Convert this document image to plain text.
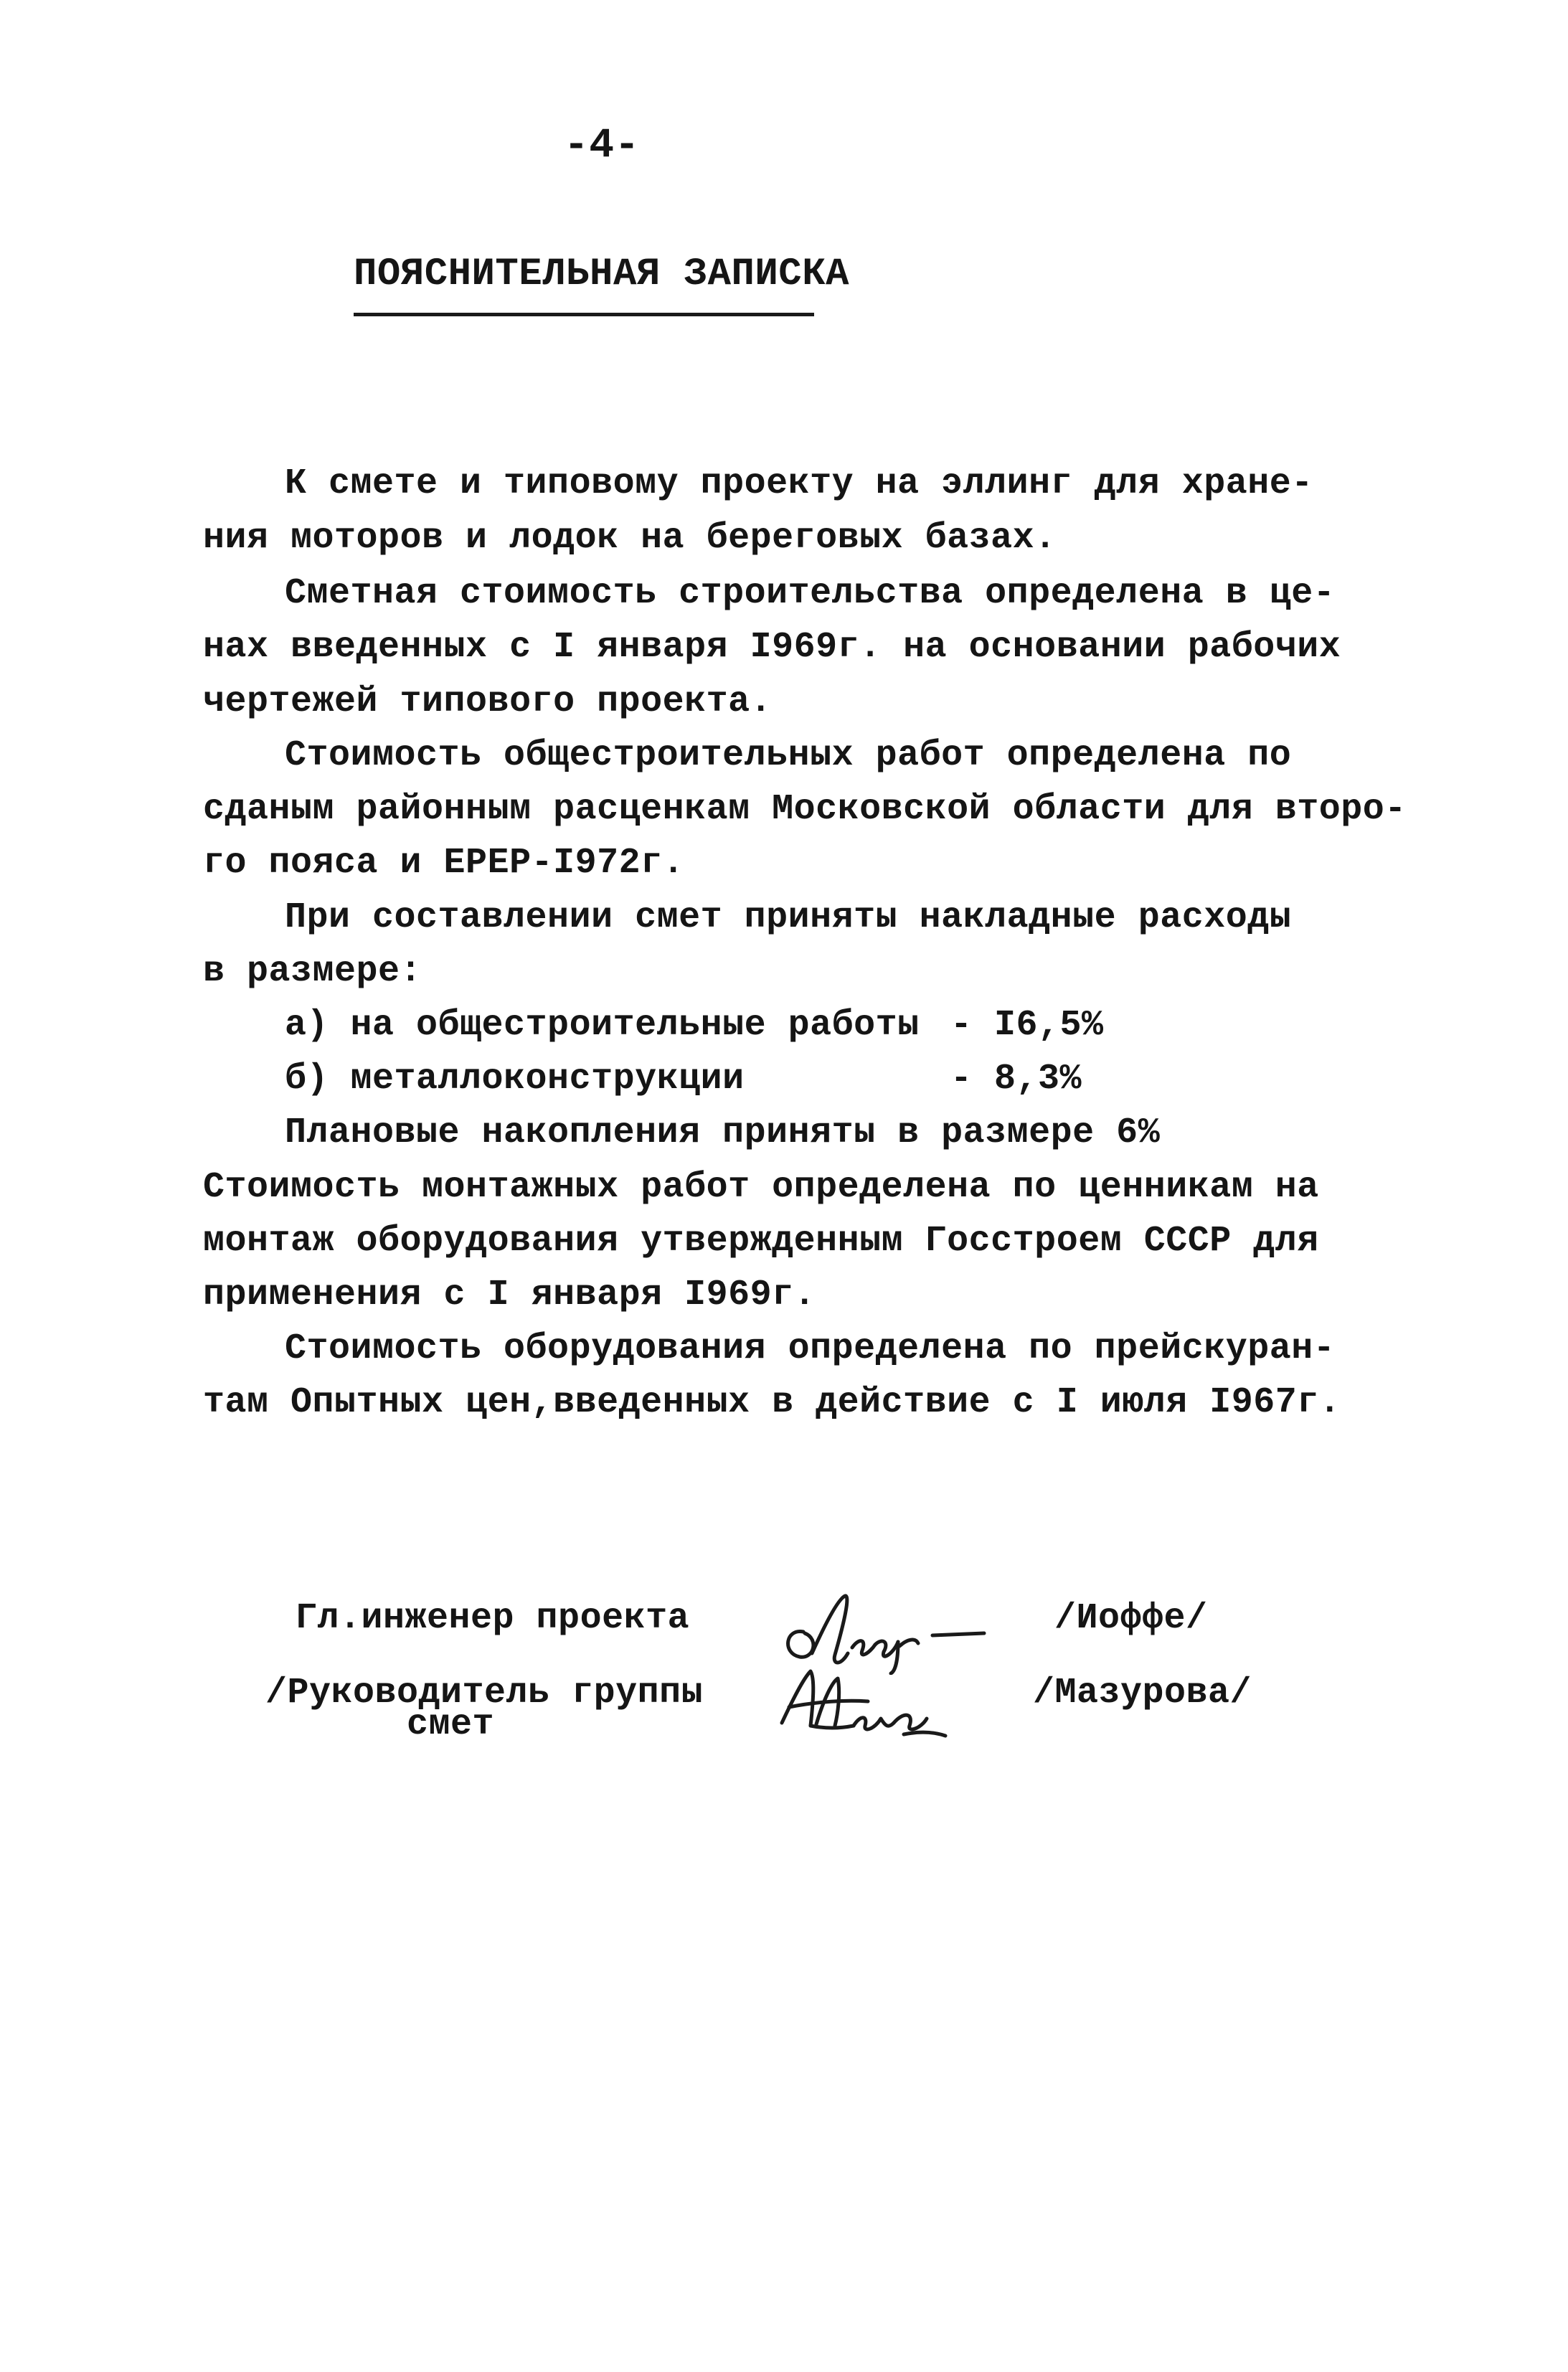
-4-
ПОЯСНИТЕЛЬНАЯ ЗАПИСКА
К смете и типовому проекту на эллинг для хране-
ния моторов и лодок на береговых базах.
Сметная стоимость строительства определена в це-
нах введенных с I января I969г. на основании рабочих
чертежей типового проекта.
Стоимость общестроительных работ определена по
сданым районным расценкам Московской области для второ-
го пояса и ЕРЕР-I972г.
При составлении смет приняты накладные расходы
в размере:
а) на общестроительные работы - I6,5%
б) металлоконструкции	- 8,3%
Плановые накопления приняты в размере 6%
Стоимость монтажных работ определена по ценникам на
монтаж оборудования утвержденным Госстроем СССР для
применения с I января I969г.
Стоимость оборудования определена по прейскуран-
там Опытных цен,введенных в действие с I июля I967г.
Гл.инженер проекта	/Иоффе/
/Руководитель группы
смет
/Мазурова/
